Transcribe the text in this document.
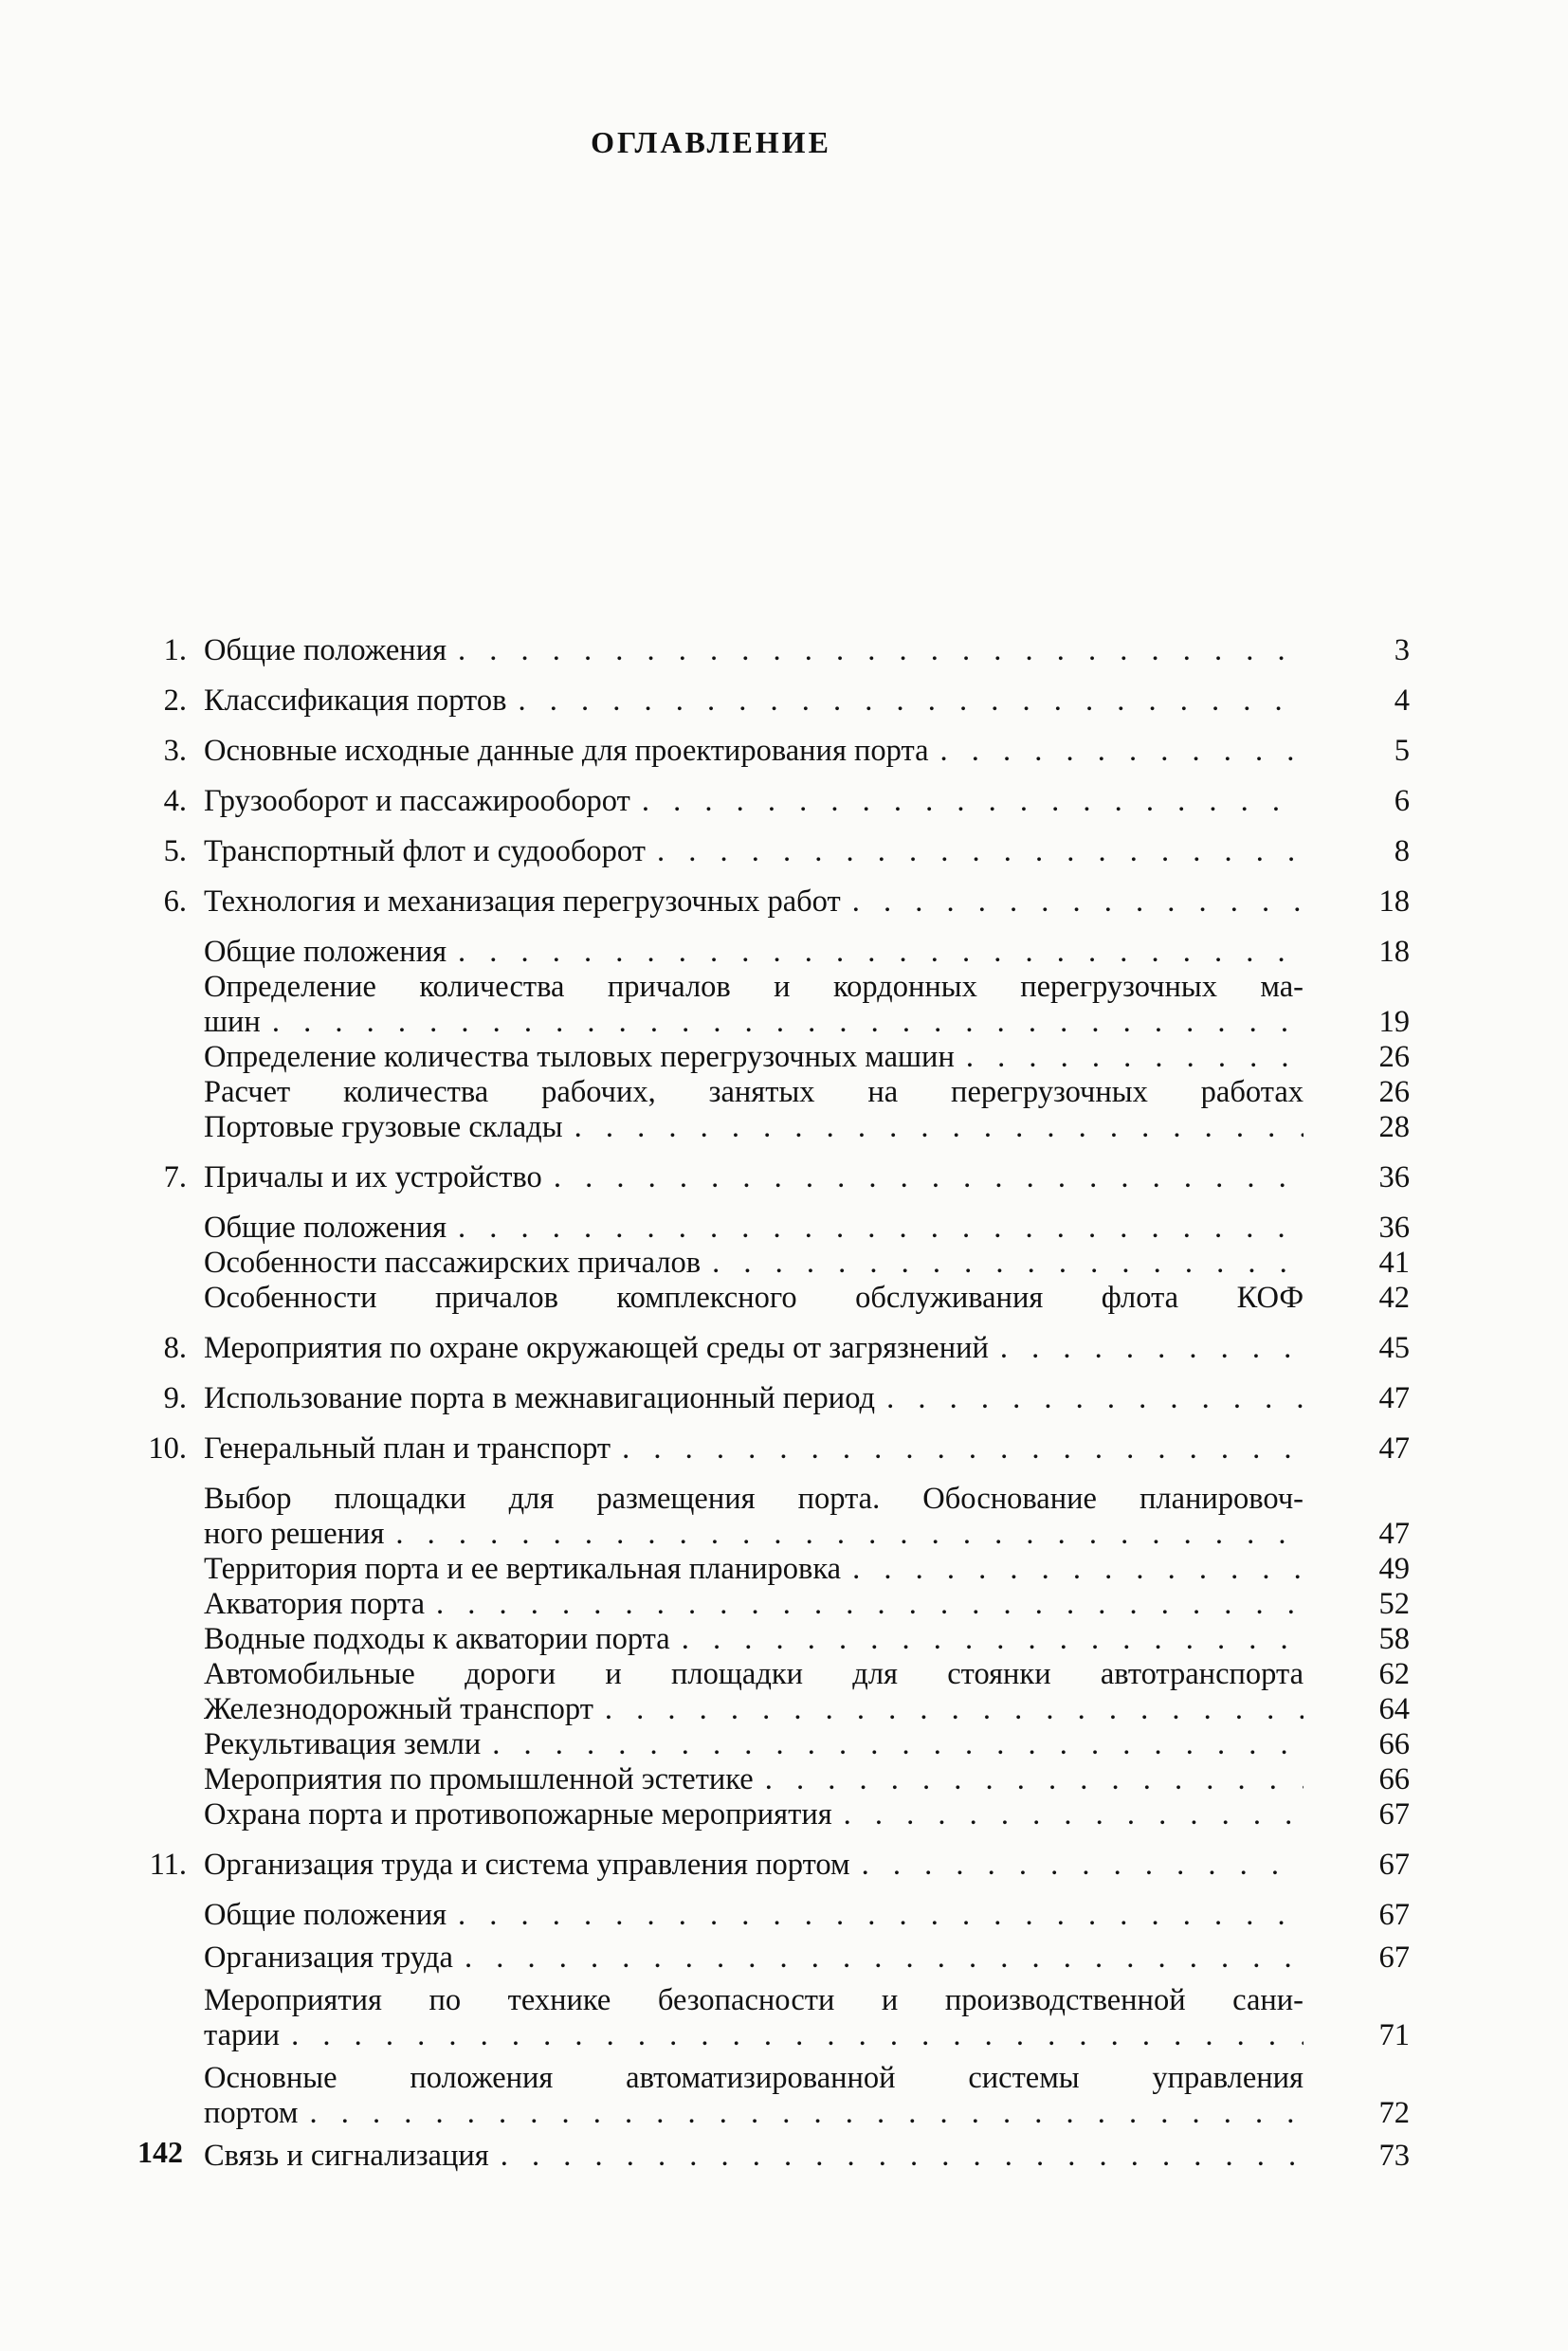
ОГЛАВЛЕНИЕ
1. Общие положения . . .	3
2. Классификация портов . . .	4
3. Основные исходные данные для проектирования порта . . .	5
4. Грузооборот и пассажирооборот . . .	6
5. Транспортный флот и судооборот . . .	8
6. Технология и механизация перегрузочных работ . . .	18
Общие положения . . .	18
Определение количества причалов и кордонных перегрузочных ма-
шин . . .	19
Определение количества тыловых перегрузочных машин . . .	26
Расчет количества рабочих, занятых на перегрузочных работах	26
Портовые грузовые склады . . .	28
7. Причалы и их устройство . . .	36
Общие положения . . .	36
Особенности пассажирских причалов . . .	41
Особенности причалов комплексного обслуживания флота КОФ	42
8. Мероприятия по охране окружающей среды от загрязнений . . .	45
9. Использование порта в межнавигационный период . . .	47
10. Генеральный план и транспорт . . .	47
Выбор площадки для размещения порта. Обоснование планировоч-
ного решения . . .	47
Территория порта и ее вертикальная планировка . . .	49
Акватория порта . . .	52
Водные подходы к акватории порта . . .	58
Автомобильные дороги и площадки для стоянки автотранспорта	62
Железнодорожный транспорт . . .	64
Рекультивация земли . . .	66
Мероприятия по промышленной эстетике . . .	66
Охрана порта и противопожарные мероприятия . . .	67
11. Организация труда и система управления портом . . .	67
Общие положения . . .	67
Организация труда . . .	67
Мероприятия по технике безопасности и производственной сани-
тарии . . .	71
Основные положения автоматизированной системы управления
портом . . .	72
Связь и сигнализация . . .	73
142
